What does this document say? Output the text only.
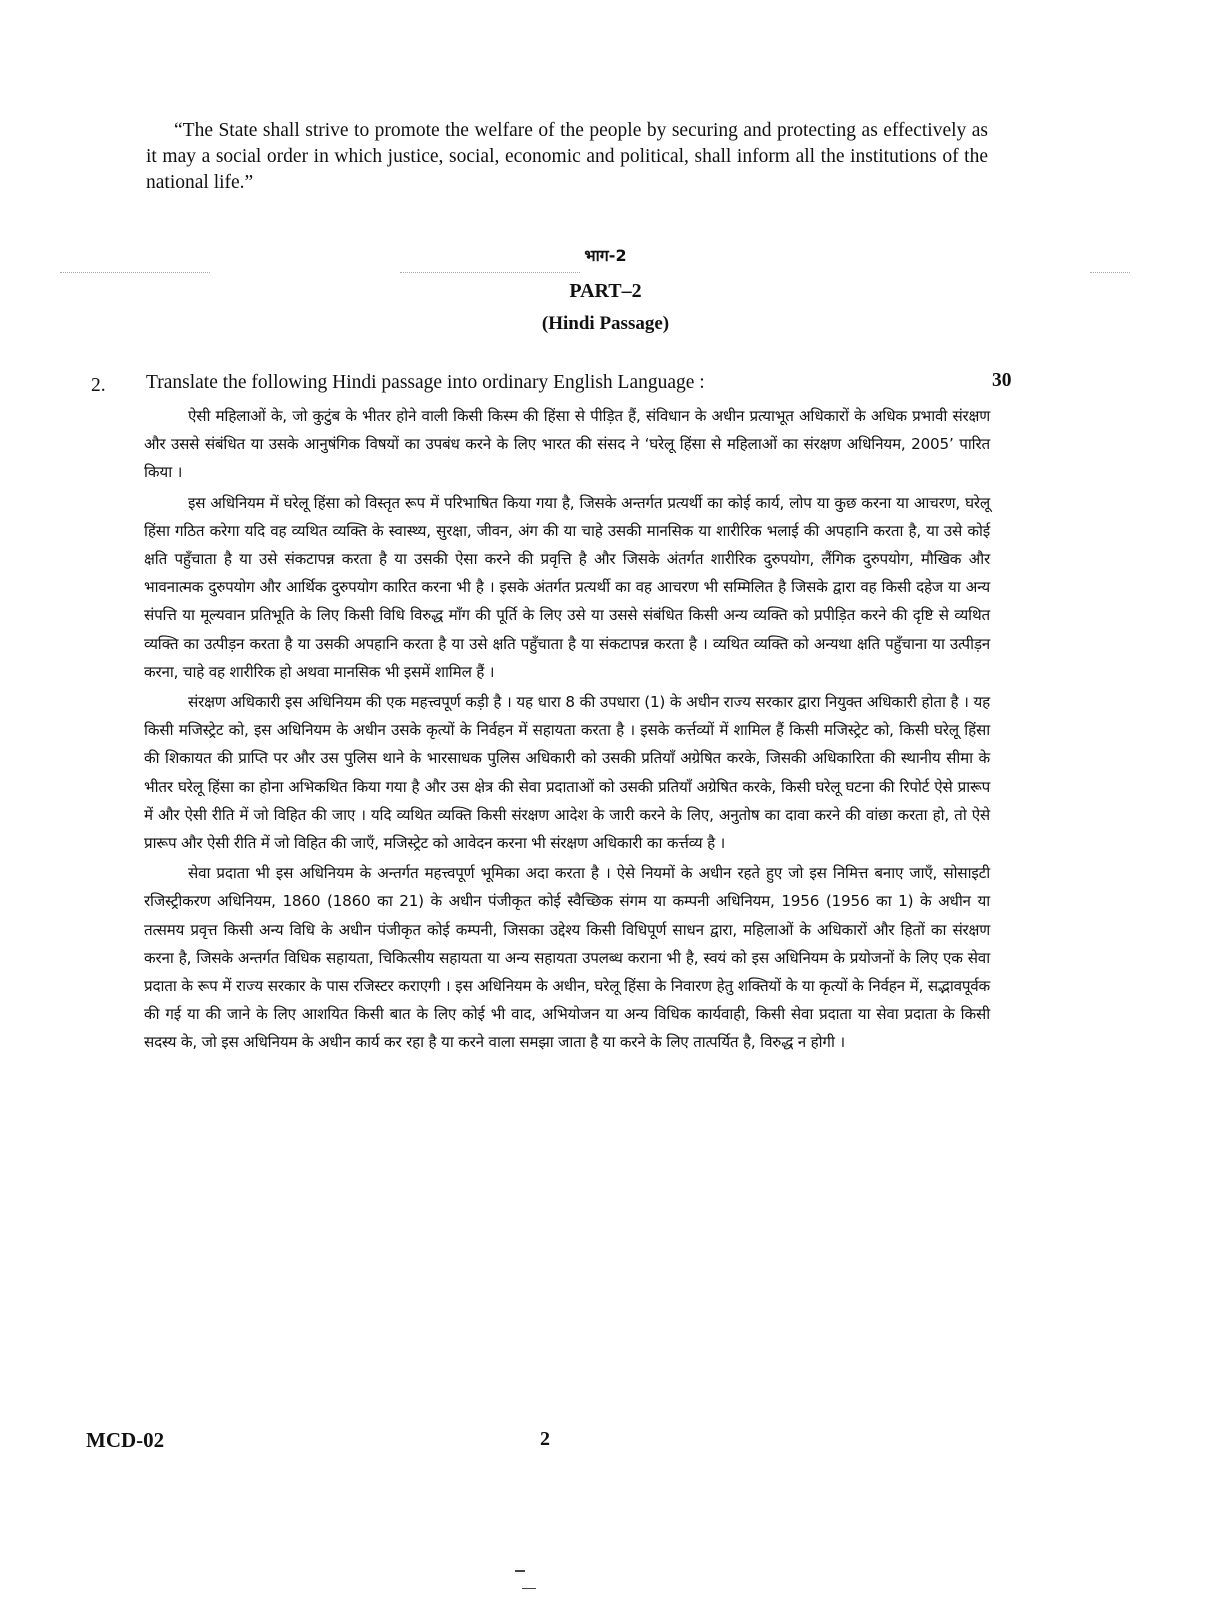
“The State shall strive to promote the welfare of the people by securing and protecting as effectively as it may a social order in which justice, social, economic and political, shall inform all the institutions of the national life.”

भाग-2
PART–2
(Hindi Passage)
2. Translate the following Hindi passage into ordinary English Language :	30

ऐसी महिलाओं के, जो कुटुंब के भीतर होने वाली किसी किस्म की हिंसा से पीड़ित हैं, संविधान के अधीन प्रत्याभूत अधिकारों के अधिक प्रभावी संरक्षण और उससे संबंधित या उसके आनुषंगिक विषयों का उपबंध करने के लिए भारत की संसद ने ‘घरेलू हिंसा से महिलाओं का संरक्षण अधिनियम, 2005’ पारित किया ।

इस अधिनियम में घरेलू हिंसा को विस्तृत रूप में परिभाषित किया गया है, जिसके अन्तर्गत प्रत्यर्थी का कोई कार्य, लोप या कुछ करना या आचरण, घरेलू हिंसा गठित करेगा यदि वह व्यथित व्यक्ति के स्वास्थ्य, सुरक्षा, जीवन, अंग की या चाहे उसकी मानसिक या शारीरिक भलाई की अपहानि करता है, या उसे कोई क्षति पहुँचाता है या उसे संकटापन्न करता है या उसकी ऐसा करने की प्रवृत्ति है और जिसके अंतर्गत शारीरिक दुरुपयोग, लैंगिक दुरुपयोग, मौखिक और भावनात्मक दुरुपयोग और आर्थिक दुरुपयोग कारित करना भी है । इसके अंतर्गत प्रत्यर्थी का वह आचरण भी सम्मिलित है जिसके द्वारा वह किसी दहेज या अन्य संपत्ति या मूल्यवान प्रतिभूति के लिए किसी विधि विरुद्ध माँग की पूर्ति के लिए उसे या उससे संबंधित किसी अन्य व्यक्ति को प्रपीड़ित करने की दृष्टि से व्यथित व्यक्ति का उत्पीड़न करता है या उसकी अपहानि करता है या उसे क्षति पहुँचाता है या संकटापन्न करता है । व्यथित व्यक्ति को अन्यथा क्षति पहुँचाना या उत्पीड़न करना, चाहे वह शारीरिक हो अथवा मानसिक भी इसमें शामिल हैं ।

संरक्षण अधिकारी इस अधिनियम की एक महत्त्वपूर्ण कड़ी है । यह धारा 8 की उपधारा (1) के अधीन राज्य सरकार द्वारा नियुक्त अधिकारी होता है । यह किसी मजिस्ट्रेट को, इस अधिनियम के अधीन उसके कृत्यों के निर्वहन में सहायता करता है । इसके कर्त्तव्यों में शामिल हैं किसी मजिस्ट्रेट को, किसी घरेलू हिंसा की शिकायत की प्राप्ति पर और उस पुलिस थाने के भारसाधक पुलिस अधिकारी को उसकी प्रतियाँ अग्रेषित करके, जिसकी अधिकारिता की स्थानीय सीमा के भीतर घरेलू हिंसा का होना अभिकथित किया गया है और उस क्षेत्र की सेवा प्रदाताओं को उसकी प्रतियाँ अग्रेषित करके, किसी घरेलू घटना की रिपोर्ट ऐसे प्रारूप में और ऐसी रीति में जो विहित की जाए । यदि व्यथित व्यक्ति किसी संरक्षण आदेश के जारी करने के लिए, अनुतोष का दावा करने की वांछा करता हो, तो ऐसे प्रारूप और ऐसी रीति में जो विहित की जाएँ, मजिस्ट्रेट को आवेदन करना भी संरक्षण अधिकारी का कर्त्तव्य है ।

सेवा प्रदाता भी इस अधिनियम के अन्तर्गत महत्त्वपूर्ण भूमिका अदा करता है । ऐसे नियमों के अधीन रहते हुए जो इस निमित्त बनाए जाएँ, सोसाइटी रजिस्ट्रीकरण अधिनियम, 1860 (1860 का 21) के अधीन पंजीकृत कोई स्वैच्छिक संगम या कम्पनी अधिनियम, 1956 (1956 का 1) के अधीन या तत्समय प्रवृत्त किसी अन्य विधि के अधीन पंजीकृत कोई कम्पनी, जिसका उद्देश्य किसी विधिपूर्ण साधन द्वारा, महिलाओं के अधिकारों और हितों का संरक्षण करना है, जिसके अन्तर्गत विधिक सहायता, चिकित्सीय सहायता या अन्य सहायता उपलब्ध कराना भी है, स्वयं को इस अधिनियम के प्रयोजनों के लिए एक सेवा प्रदाता के रूप में राज्य सरकार के पास रजिस्टर कराएगी । इस अधिनियम के अधीन, घरेलू हिंसा के निवारण हेतु शक्तियों के या कृत्यों के निर्वहन में, सद्भावपूर्वक की गई या की जाने के लिए आशयित किसी बात के लिए कोई भी वाद, अभियोजन या अन्य विधिक कार्यवाही, किसी सेवा प्रदाता या सेवा प्रदाता के किसी सदस्य के, जो इस अधिनियम के अधीन कार्य कर रहा है या करने वाला समझा जाता है या करने के लिए तात्पर्यित है, विरुद्ध न होगी ।

MCD-02	2
